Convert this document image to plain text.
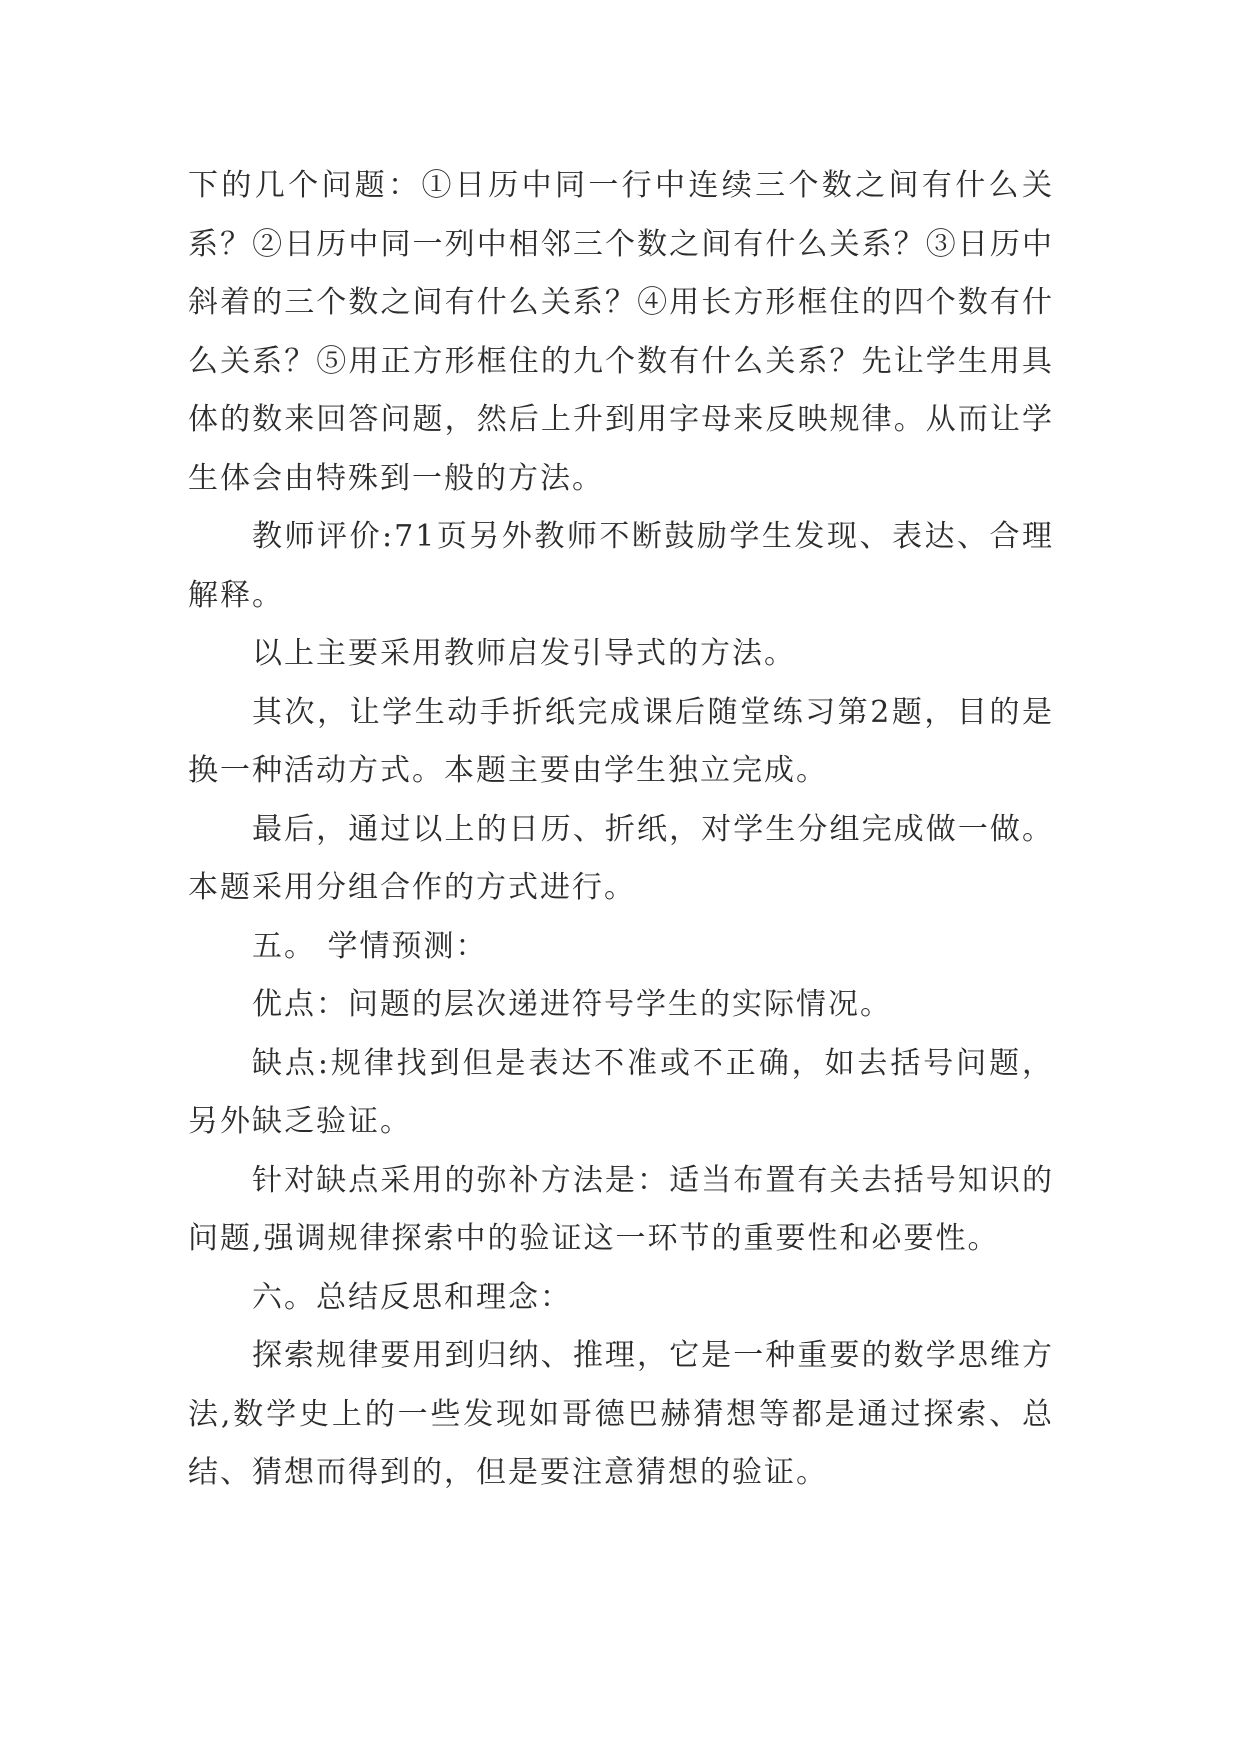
下的几个问题：①日历中同一行中连续三个数之间有什么关系？②日历中同一列中相邻三个数之间有什么关系？③日历中斜着的三个数之间有什么关系？④用长方形框住的四个数有什么关系？⑤用正方形框住的九个数有什么关系？先让学生用具体的数来回答问题，然后上升到用字母来反映规律。从而让学生体会由特殊到一般的方法。

教师评价:71页另外教师不断鼓励学生发现、表达、合理解释。

以上主要采用教师启发引导式的方法。

其次，让学生动手折纸完成课后随堂练习第2题，目的是换一种活动方式。本题主要由学生独立完成。

最后，通过以上的日历、折纸，对学生分组完成做一做。本题采用分组合作的方式进行。

五。 学情预测：

优点：问题的层次递进符号学生的实际情况。

缺点:规律找到但是表达不准或不正确，如去括号问题，另外缺乏验证。

针对缺点采用的弥补方法是：适当布置有关去括号知识的问题,强调规律探索中的验证这一环节的重要性和必要性。

六。总结反思和理念：

探索规律要用到归纳、推理，它是一种重要的数学思维方法,数学史上的一些发现如哥德巴赫猜想等都是通过探索、总结、猜想而得到的，但是要注意猜想的验证。
